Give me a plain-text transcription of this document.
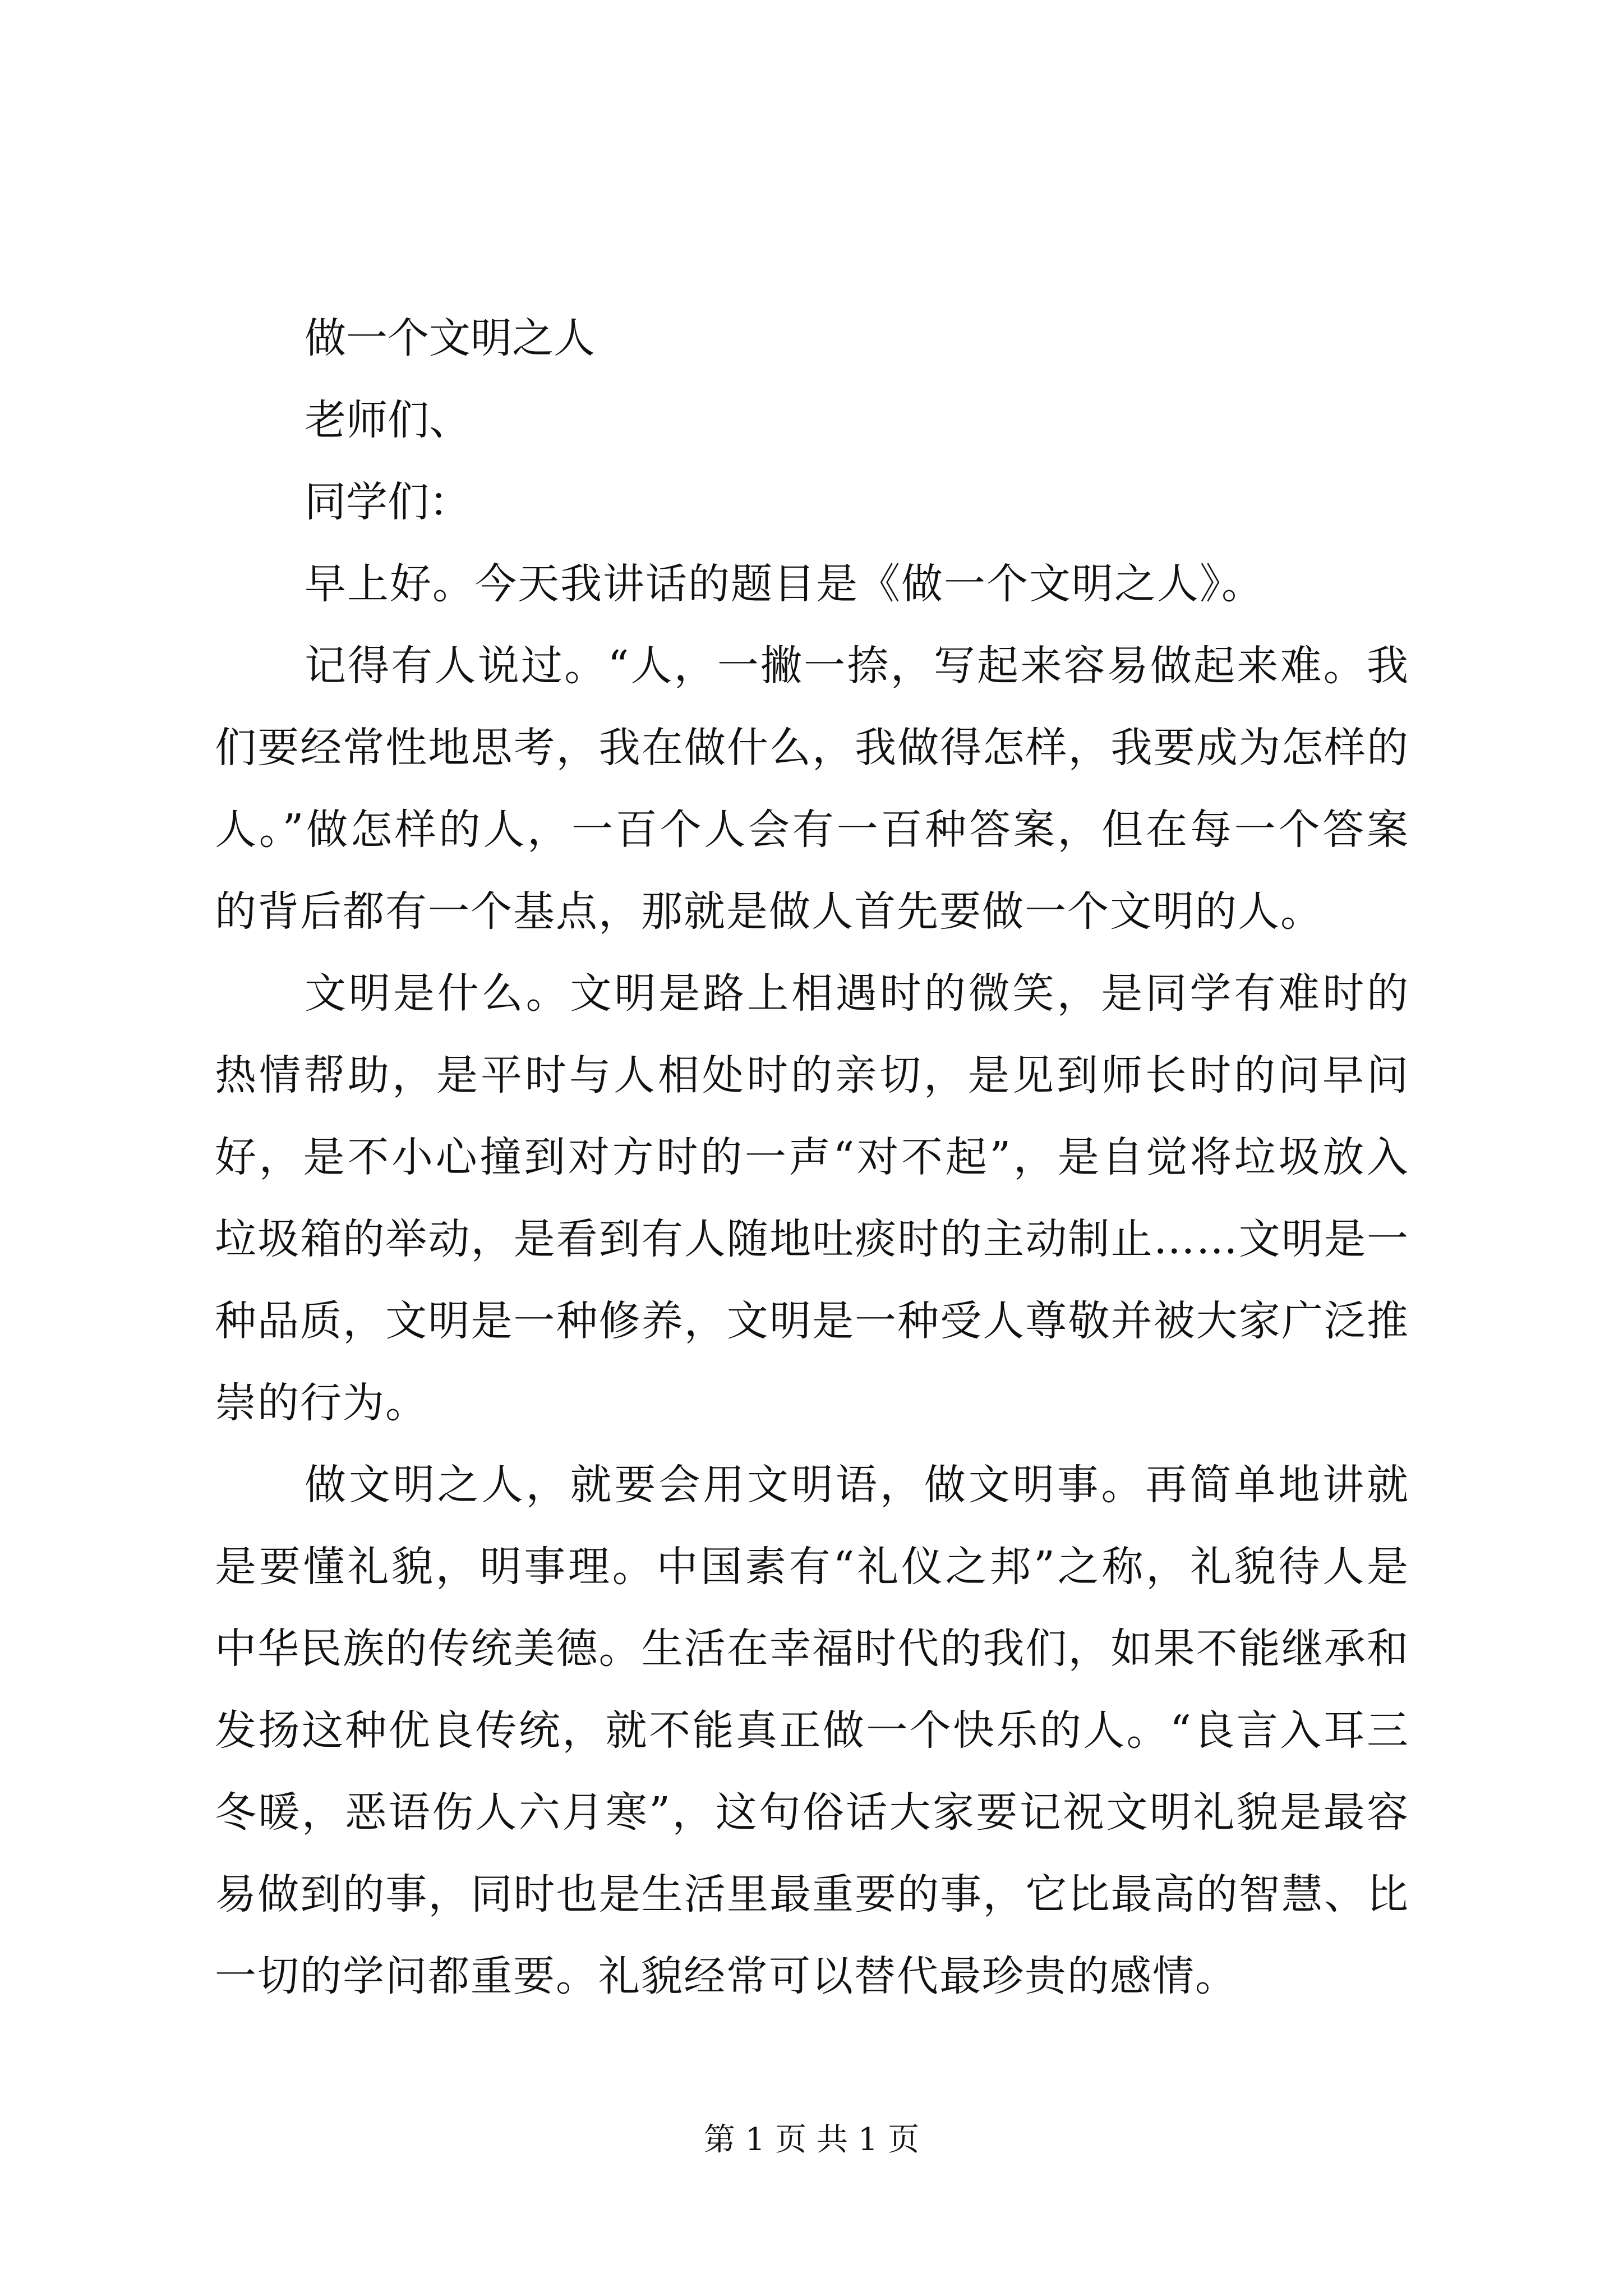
做一个文明之人
老师们、
同学们：
早上好。今天我讲话的题目是《做一个文明之人》。
记得有人说过。“人，一撇一捺，写起来容易做起来难。我们要经常性地思考，我在做什么，我做得怎样，我要成为怎样的人。”做怎样的人，一百个人会有一百种答案，但在每一个答案的背后都有一个基点，那就是做人首先要做一个文明的人。
文明是什么。文明是路上相遇时的微笑，是同学有难时的热情帮助，是平时与人相处时的亲切，是见到师长时的问早问好，是不小心撞到对方时的一声“对不起”，是自觉将垃圾放入垃圾箱的举动，是看到有人随地吐痰时的主动制止……文明是一种品质，文明是一种修养，文明是一种受人尊敬并被大家广泛推崇的行为。
做文明之人，就要会用文明语，做文明事。再简单地讲就是要懂礼貌，明事理。中国素有“礼仪之邦”之称，礼貌待人是中华民族的传统美德。生活在幸福时代的我们，如果不能继承和发扬这种优良传统，就不能真正做一个快乐的人。“良言入耳三冬暖，恶语伤人六月寒”，这句俗话大家要记祝文明礼貌是最容易做到的事，同时也是生活里最重要的事，它比最高的智慧、比一切的学问都重要。礼貌经常可以替代最珍贵的感情。
第 1 页 共 1 页
